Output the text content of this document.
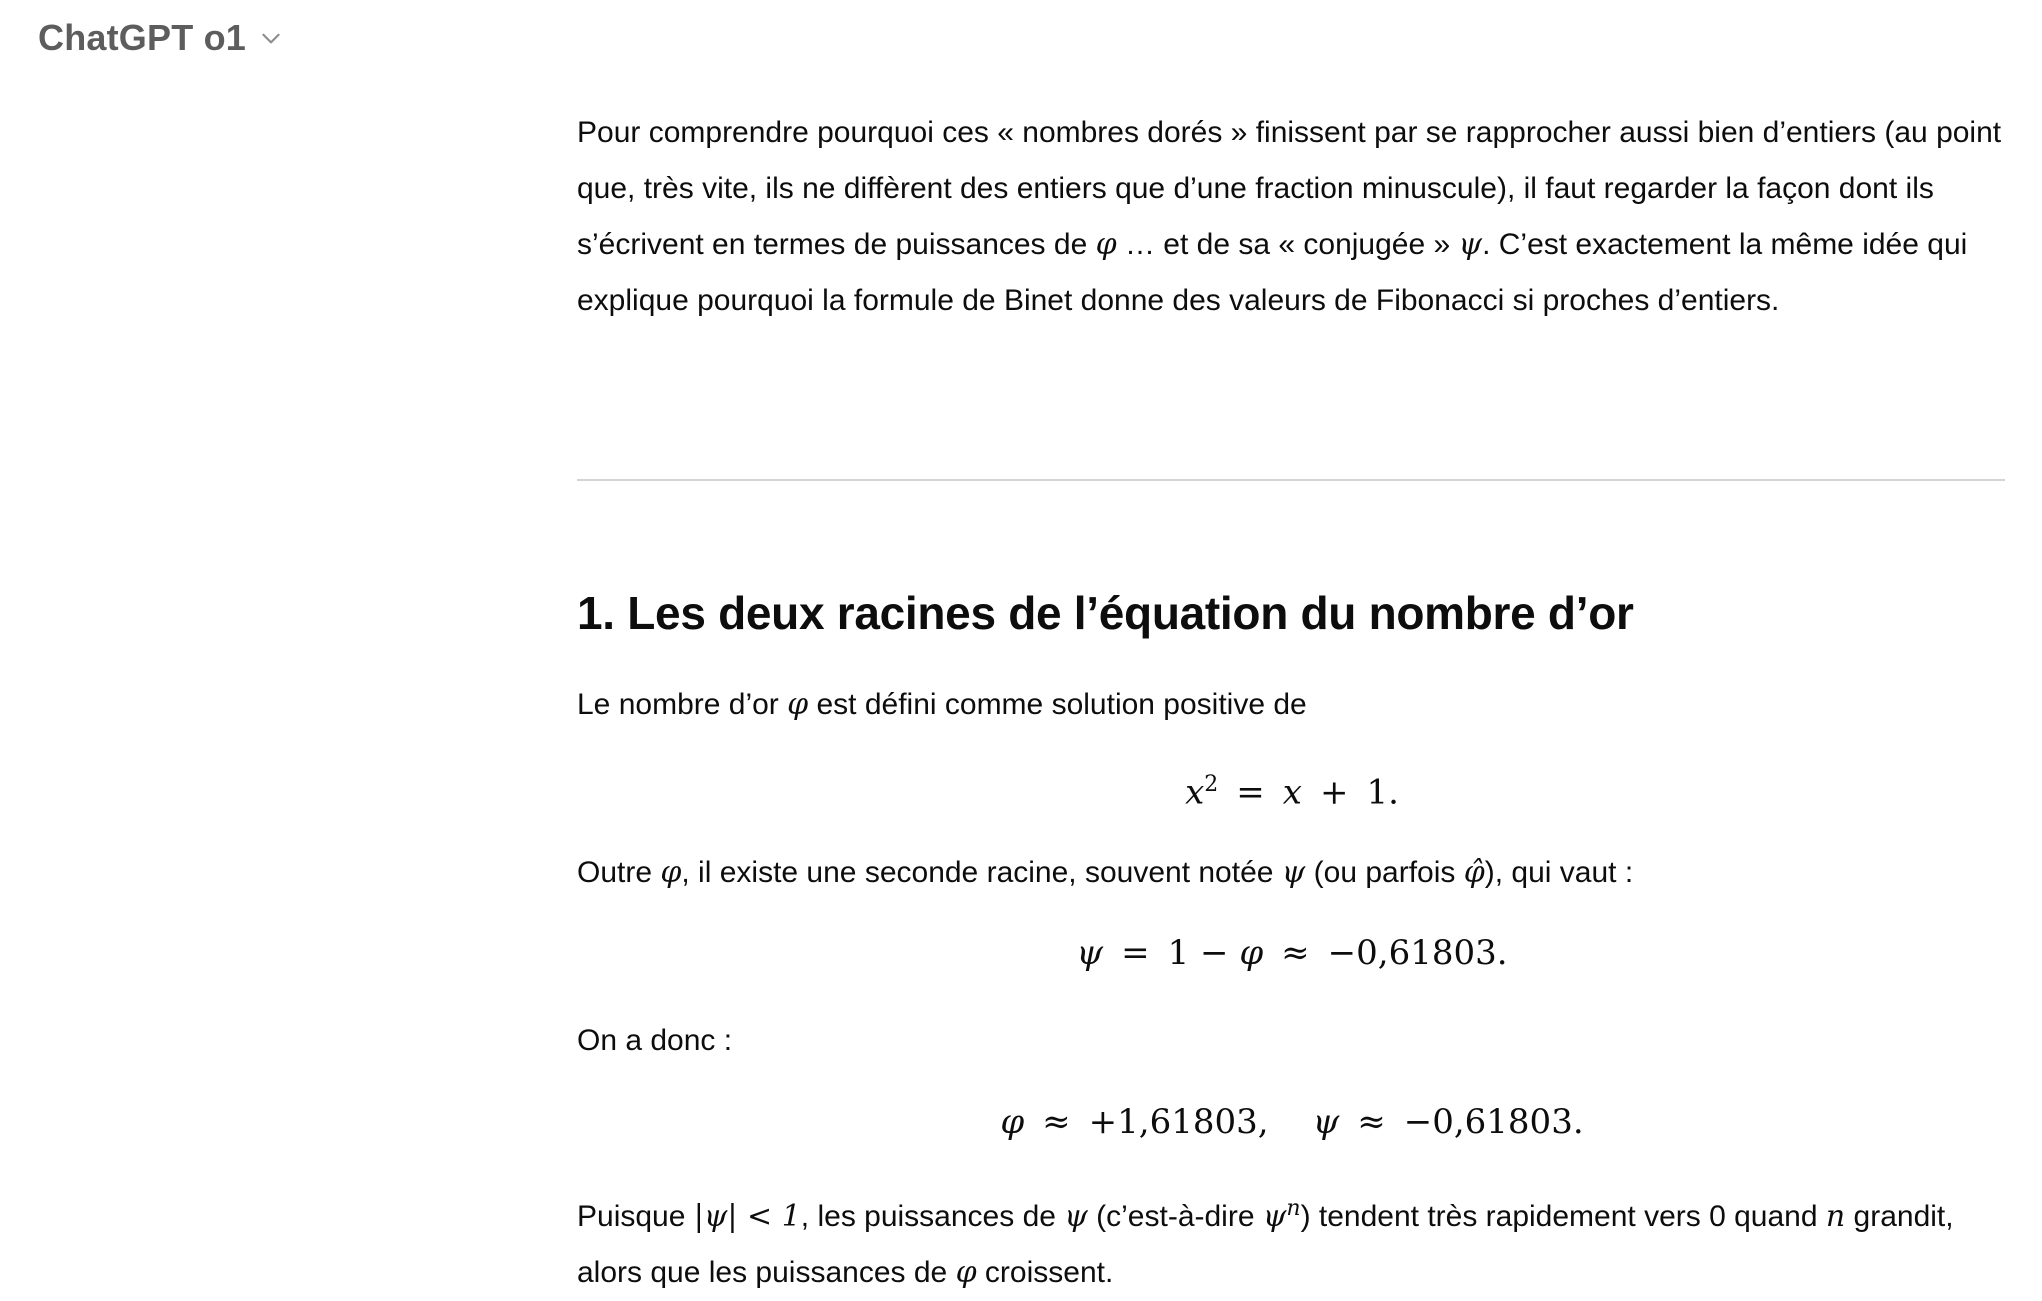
ChatGPT o1

Pour comprendre pourquoi ces « nombres dorés » finissent par se rapprocher aussi bien d’entiers (au point que, très vite, ils ne diffèrent des entiers que d’une fraction minuscule), il faut regarder la façon dont ils s’écrivent en termes de puissances de φ … et de sa « conjugée » ψ. C’est exactement la même idée qui explique pourquoi la formule de Binet donne des valeurs de Fibonacci si proches d’entiers.

1. Les deux racines de l’équation du nombre d’or

Le nombre d’or φ est défini comme solution positive de

$x^2 = x + 1$.

Outre φ, il existe une seconde racine, souvent notée ψ (ou parfois φ̂), qui vaut :

ψ = 1 − φ ≈ −0,61803.

On a donc :

φ ≈ +1,61803, ψ ≈ −0,61803.

Puisque |ψ| < 1, les puissances de ψ (c’est-à-dire $\psi^n$) tendent très rapidement vers 0 quand n grandit, alors que les puissances de φ croissent.
